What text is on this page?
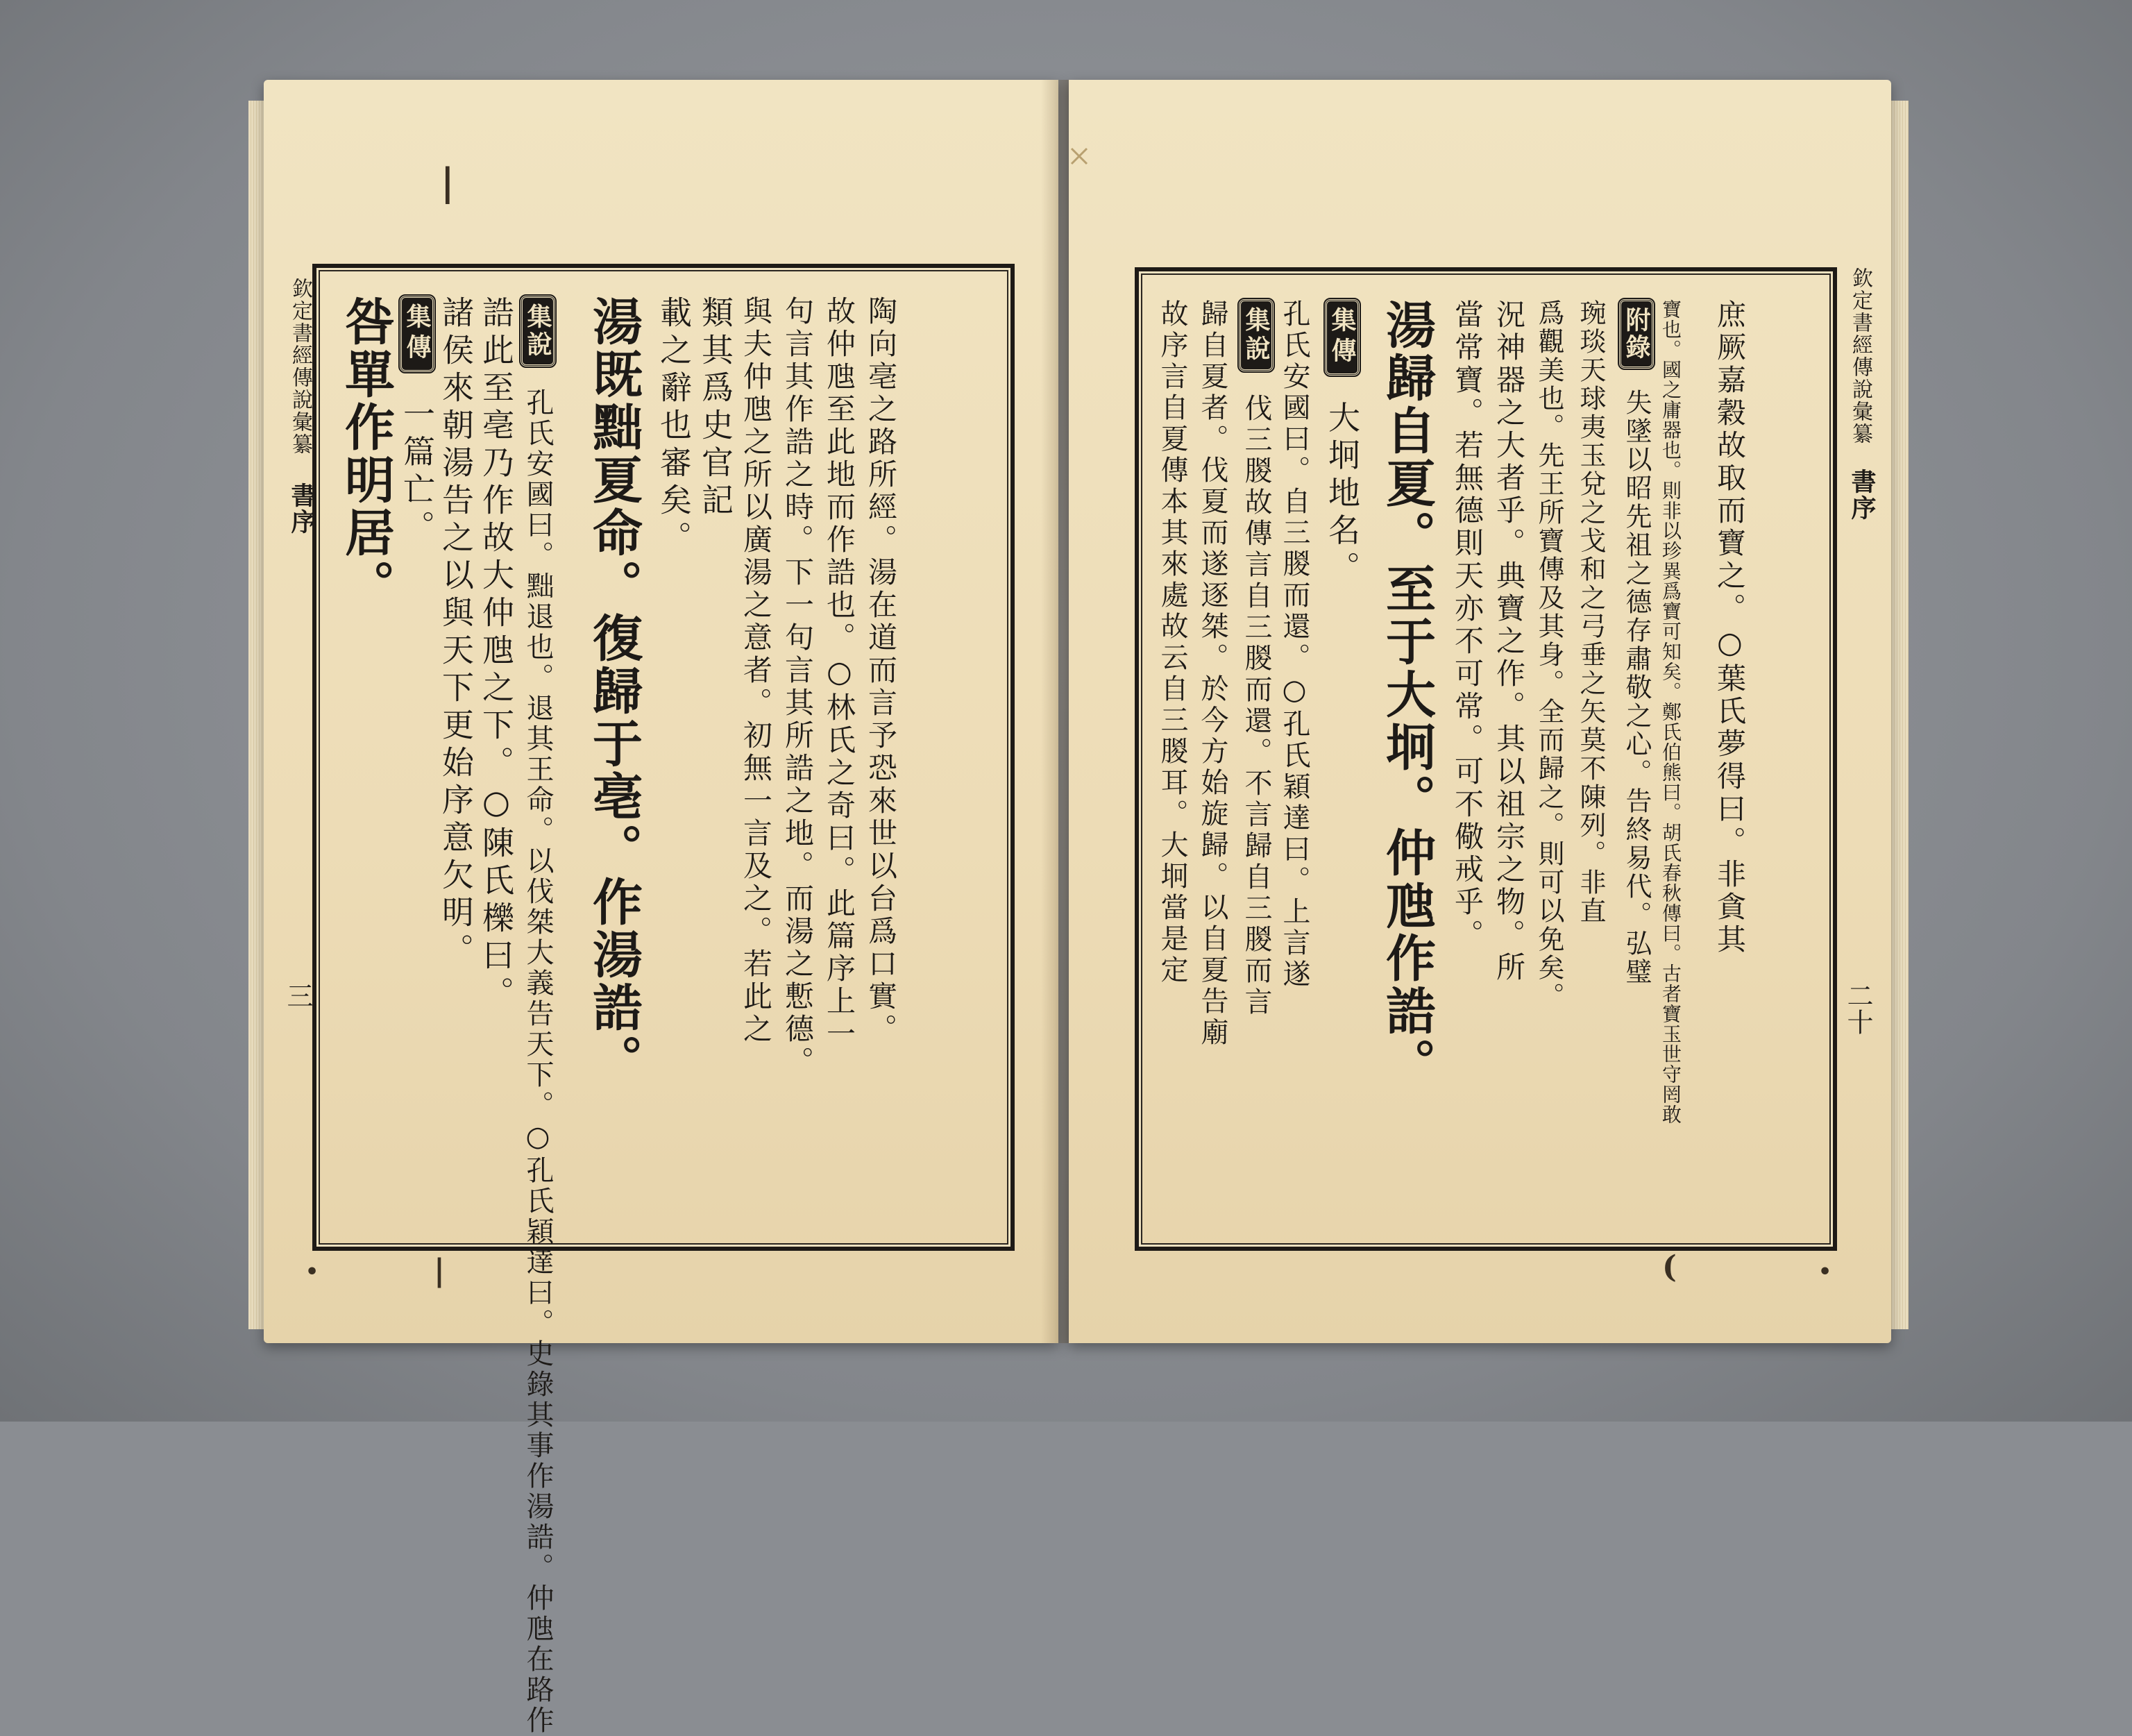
|
欽定書經傳說彙纂
書序
三
咎單作明居。 集傳 一篇亡。 諸侯來朝湯告之以與天下更始序意欠明。 誥此至亳乃作故大仲虺之下。○陳氏櫟曰。 集說 孔氏安國曰。黜退也。退其王命。以伐桀大義告天下。○孔氏穎達曰。史錄其事作湯誥。仲虺在路作 湯既黜夏命。復歸于亳。作湯誥。 載之辭也審矣。 類其爲史官記 與夫仲虺之所以廣湯之意者。初無一言及之。若此之 句言其作誥之時。下一句言其所誥之地。而湯之慙德。 故仲虺至此地而作誥也。○林氏之奇曰。此篇序上一 陶向亳之路所經。湯在道而言予恐來世以台爲口實。
|
•
故序言自夏傳本其來處故云自三朡耳。大坰當是定 歸自夏者。伐夏而遂逐桀。於今方始旋歸。以自夏告廟 集說 伐三朡故傳言自三朡而還。不言歸自三朡而言 孔氏安國曰。自三朡而還。○孔氏穎達曰。上言遂 集傳 大坰地名。 湯歸自夏。至于大坰。仲虺作誥。 當常寶。若無德則天亦不可常。可不儆戒乎。 況神器之大者乎。典寶之作。其以祖宗之物。所 爲觀美也。先王所寶傳及其身。全而歸之。則可以免矣。 琬琰天球夷玉兌之戈和之弓垂之矢莫不陳列。非直 附錄 失墜以昭先祖之德存肅敬之心。告終易代。弘璧 寶也。國之庸器也。則非以珍異爲寶可知矣。鄭氏伯熊曰。胡氏春秋傳曰。古者寶玉世守罔敢 庶厥嘉穀故取而寶之。○葉氏夢得曰。非貪其	欽定書經傳說彙纂
書序
二十
(	•
